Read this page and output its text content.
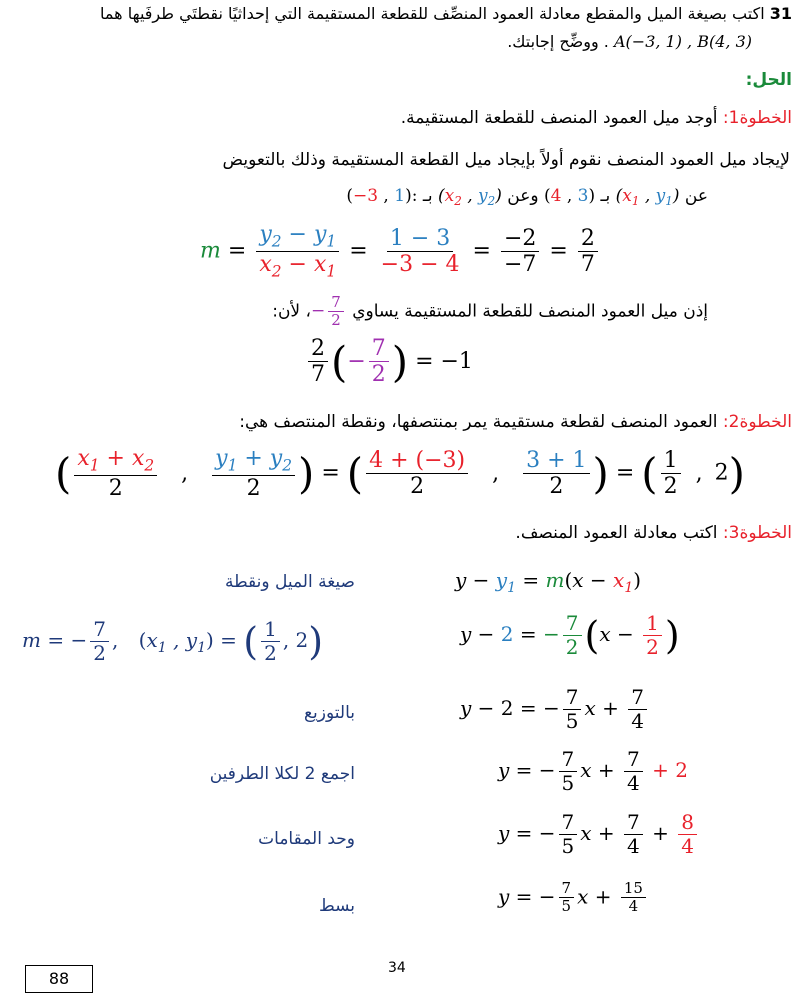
31 اكتب بصيغة الميل والمقطع معادلة العمود المنصِّف للقطعة المستقيمة التي إحداثيًا نقطتَي طرفَيها هما
A(−3, 1) , B(4, 3) . ووضِّح إجابتك.
الحل:
الخطوة1: أوجد ميل العمود المنصف للقطعة المستقيمة.
لإيجاد ميل العمود المنصف نقوم أولاً بإيجاد ميل القطعة المستقيمة وذلك بالتعويض
عن ($x_1$ , $y_1$) بـ (4 , 3) وعن ($x_2$ , $y_2$) بـ (−3 , 1):
$m = \frac{y_2 - y_1}{x_2 - x_1} = \frac{1 - 3}{-3 - 4} = \frac{-2}{-7} = \frac{2}{7}$
إذن ميل العمود المنصف للقطعة المستقيمة يساوي − $\frac{7}{2}$
، لأن:
$\frac{2}{7}$ (− $\frac{7}{2}$ ) = −1
الخطوة2: العمود المنصف لقطعة مستقيمة يمر بمنتصفها، ونقطة المنتصف هي:
( $\frac{x_1 + x_2}{2}$ , $\frac{y_1 + y_2}{2}$ ) = ( $\frac{4 + (-3)}{2}$ , $\frac{3 + 1}{2}$ ) = ( $\frac{1}{2}$ , 2)
الخطوة3: اكتب معادلة العمود المنصف.
صيغة الميل ونقطة	$y - y_1 = m(x - x_1)$
m = − $\frac{7}{2}$ , ($x_1$ , $y_1$) = ( $\frac{1}{2}$ , 2)	y − 2 = − $\frac{7}{2} (x - \frac{1}{2}$ )
بالتوزيع	y − 2 = − $\frac{7}{5}$ $x + \frac{7}{4}$
اجمع 2 لكلا الطرفين	y = − $\frac{7}{5}$ $x + \frac{7}{4} + 2$
وحد المقامات	y = − $\frac{7}{5}$ $x + \frac{7}{4} + \frac{8}{4}$
بسط	y = − $\frac{7}{5}$ $x + \frac{15}{4}$
34
88
